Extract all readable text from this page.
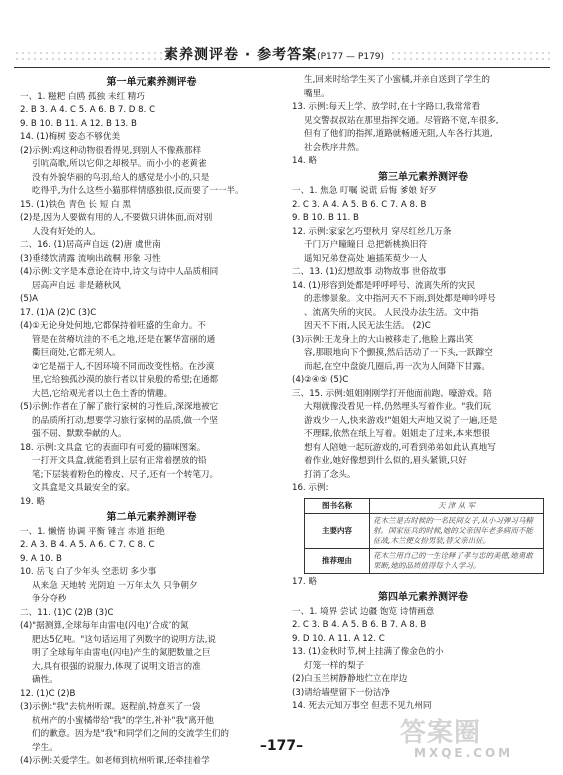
素养测评卷 · 参考答案(P177 — P179)
第一单元素养测评卷
一、1. 糍粑 白鸥 孤独 未红 精巧
2. B 3. A 4. C 5. A 6. B 7. D 8. C
9. B 10. B 11. A 12. B 13. B
14. (1)梅树 姿态不够优美
(2)示例:鸡这种动物很看得见,到别人不像燕那样
引吭高歌,所以它仰之却极早。而小小的老黄雀
没有外貌华丽的鸟羽,给人的感觉是小小的,只是
吃得乎,为什么这些小猫那样情感独很,反而要了一一半。
15. (1)铁色 青色 长 短 白 黑
(2)是,因为人要做有用的人,不要做只讲体面,而对别
人没有好处的人。
二、16. (1)居高声自远 (2)唐 虞世南
(3)垂缕饮清露 流响出疏桐 形象 习性
(4)示例:文字是本意论在诗中,诗文与诗中人品质相同
居高声自远 非是藉秋风
(5)A
17. (1)A (2)C (3)C
(4)①无论身处何地,它都保持着旺盛的生命力。不
管是在贫瘠坑洼的不毛之地,还是在繁华富丽的通
衢巨商处,它都无须人。
②它是福于人,不因环境不同而改变性格。在沙漠
里,它给独孤沙漠的旅行者以甘泉般的希望;在通都
大邑,它给观光者以土色土香的情趣。
(5)示例:作者在了解了旅行家树的习性后,深深地被它
的品质所打动,想要学习旅行家树的品质,做一个坚
强不屈、默默奉献的人。
18. 示例:文具盒 它的表面印有可爱的猫咪图案。
一打开文具盒,就能看到上层有正常着摆放的铅
笔;下层装着粉色的橡皮、尺子,还有一个转笔刀。
文具盒是文具最安全的家。
19. 略
第二单元素养测评卷
一、1. 懒惰 协调 平衡 锤言 赤道 拒绝
2. A 3. B 4. A 5. A 6. C 7. C 8. C
9. A 10. B
10. 岳飞 白了少年头 空悲切 多少事
从来急 天地转 光阴迫 一万年太久 只争朝夕
争分夺秒
二、11. (1)C (2)B (3)C
(4)"据测算,全球每年由雷电(闪电)‘合成’的氮
肥达5亿吨。"这句话运用了列数字的说明方法,说
明了全球每年由雷电(闪电)产生的氮肥数量之巨
大,具有很强的说服力,体现了说明文语言的准
确性。
12. (1)C (2)B
(3)示例:"我"去杭州听课。返程前,特意买了一袋
杭州产的小蜜橘带给"我"的学生,补补"我"离开他
们的歉意。因为是"我"和同学们之间的交流学生们的
学生。
(4)示例:关爱学生。如老师到杭州听课,还牵挂着学
生,回来时给学生买了小蜜橘,并亲自送到了学生的
嘴里。
13. 示例:每天上学、放学时,在十字路口,我常常看
见交警叔叔站在那里指挥交通。尽管路不宽,车很多,
但有了他们的指挥,道路就畅通无阻,人车各行其道,
社会秩序井然。
14. 略
第三单元素养测评卷
一、1. 焦急 叮嘱 说谎 后悔 爹娘 好歹
2. C 3. A 4. A 5. B 6. C 7. A 8. B
9. B 10. B 11. B
12. 示例:家家乞巧望秋月 穿尽红丝几万条
千门万户瞳瞳日 总把新桃换旧符
遥知兄弟登高处 遍插茱萸少一人
二、13. (1)幻想故事 动物故事 世俗故事
14. (1)形容到处都是呼呼呼号、流离失所的灾民
的悲惨景象。文中指河天不下雨,到处都是呻吟呼号
、流离失所的灾民。 人民没办法生活。文中指
因天不下雨,人民无法生活。 (2)C
(3)示例:王龙身上的大山被移走了,他脸上露出笑
容,那眼地向下个颤摸,然后活动了一下头,一跃蹿空
而起,在空中盘旋几圈后,再一次为人间降下甘露。
(4)②④⑤ (5)C
三、15. 示例:姐姐刚刚学打开他面前跑、嚎游戏。陪
大翔就像没看见一样,仍然埋头写着作业。"我们玩
游戏少一人,快来游戏!"姐姐大声地又说了一遍,还是
不理睬,依然在纸上写着。姐姐走了过来,本来想很
想有人陪她一起玩游戏的,可看到弟弟如此认真地写
着作业,她好像想到什么似的,眉头紧锁,只好
打消了念头。
16. 示例:
图书名称	天 津 从 军
主要内容	花木兰是古时候的一名民间女子,从小习弹习马精射。国家征兵的时候,她的父亲因年老多病而不能征战,木兰便女扮男装,替父亲出征。
推荐理由	花木兰用自己的一生诠释了孝与忠的美德,她勇敢果断,她的品质值得每个人学习。
17. 略
第四单元素养测评卷
一、1. 境界 尝试 边疆 饱览 诗情画意
2. C 3. B 4. A 5. B 6. B 7. A 8. B
9. D 10. A 11. A 12. C
13. (1)金秋时节,树上挂满了像金色的小
灯笼一样的梨子
(2)白玉兰树静静地伫立在岸边
(3)请给墙壁留下一份洁净
14. 死去元知万事空 但悲不见九州同
答案圈
MXQE.COM
–177–
